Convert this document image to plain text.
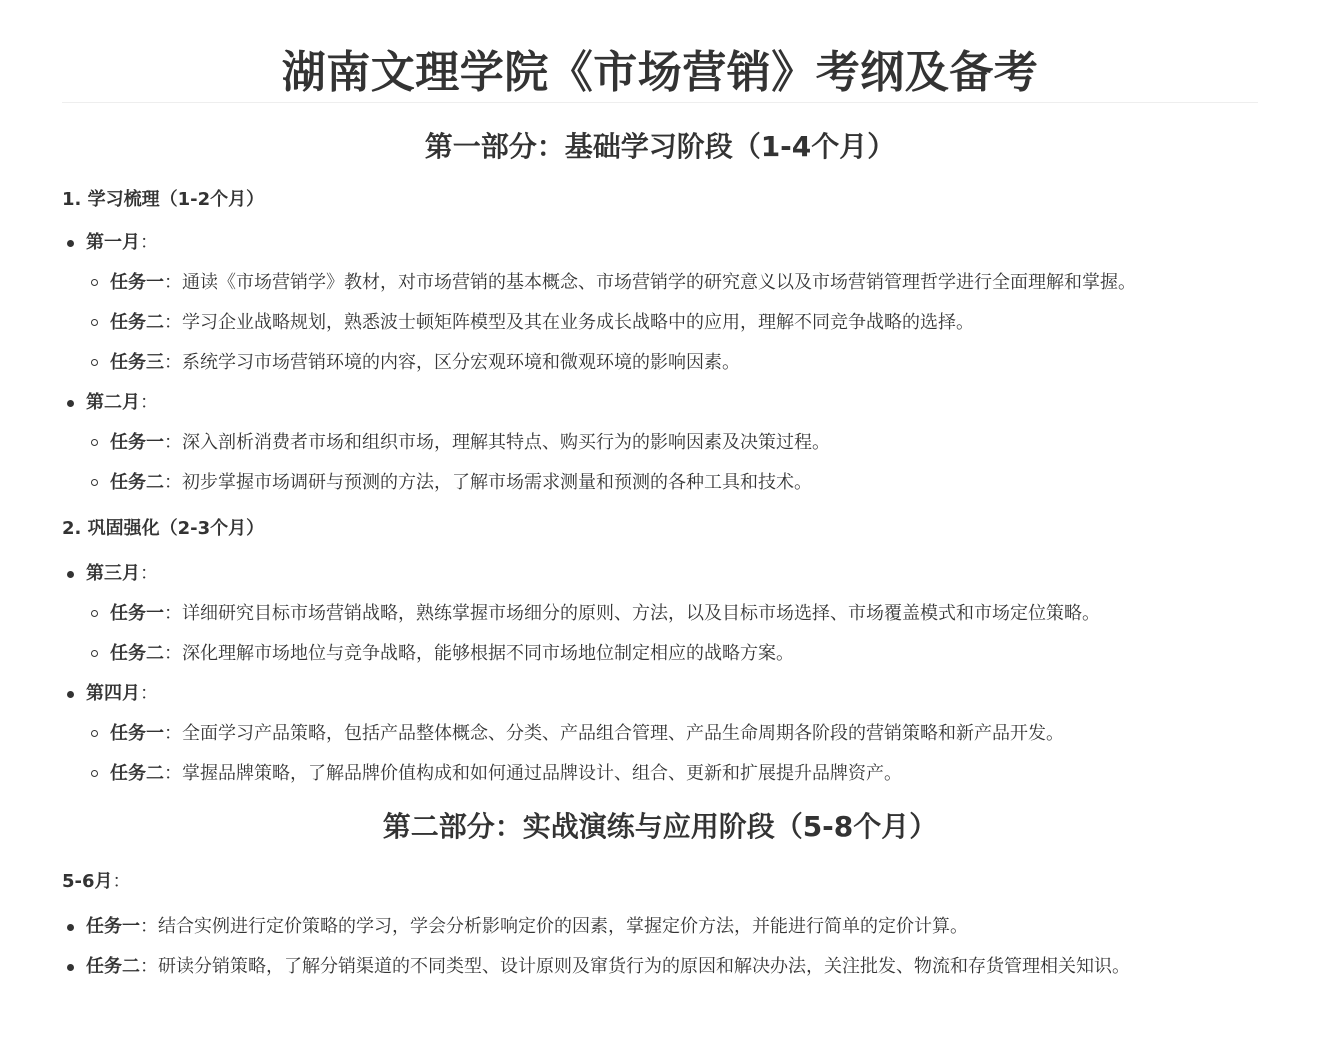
湖南文理学院《市场营销》考纲及备考
第一部分：基础学习阶段（1-4个月）
1. 学习梳理（1-2个月）
第一月：
任务一：通读《市场营销学》教材，对市场营销的基本概念、市场营销学的研究意义以及市场营销管理哲学进行全面理解和掌握。
任务二：学习企业战略规划，熟悉波士顿矩阵模型及其在业务成长战略中的应用，理解不同竞争战略的选择。
任务三：系统学习市场营销环境的内容，区分宏观环境和微观环境的影响因素。
第二月：
任务一：深入剖析消费者市场和组织市场，理解其特点、购买行为的影响因素及决策过程。
任务二：初步掌握市场调研与预测的方法，了解市场需求测量和预测的各种工具和技术。
2. 巩固强化（2-3个月）
第三月：
任务一：详细研究目标市场营销战略，熟练掌握市场细分的原则、方法，以及目标市场选择、市场覆盖模式和市场定位策略。
任务二：深化理解市场地位与竞争战略，能够根据不同市场地位制定相应的战略方案。
第四月：
任务一：全面学习产品策略，包括产品整体概念、分类、产品组合管理、产品生命周期各阶段的营销策略和新产品开发。
任务二：掌握品牌策略，了解品牌价值构成和如何通过品牌设计、组合、更新和扩展提升品牌资产。
第二部分：实战演练与应用阶段（5-8个月）
5-6月：
任务一：结合实例进行定价策略的学习，学会分析影响定价的因素，掌握定价方法，并能进行简单的定价计算。
任务二：研读分销策略，了解分销渠道的不同类型、设计原则及窜货行为的原因和解决办法，关注批发、物流和存货管理相关知识。
